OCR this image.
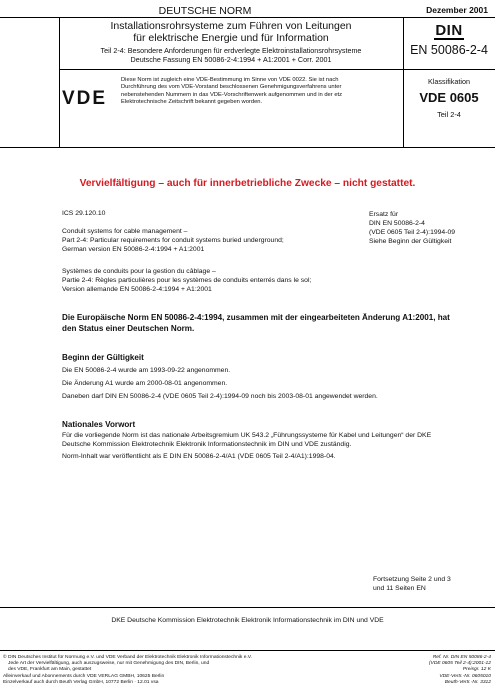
DEUTSCHE NORM	Dezember 2001
Installationsrohrsysteme zum Führen von Leitungen
für elektrische Energie und für Information
Teil 2-4: Besondere Anforderungen für erdverlegte Elektroinstallationsrohrsysteme
Deutsche Fassung EN 50086-2-4:1994 + A1:2001 + Corr. 2001
DIN
EN 50086-2-4
VDE
Diese Norm ist zugleich eine VDE-Bestimmung im Sinne von VDE 0022. Sie ist nach
Durchführung des vom VDE-Vorstand beschlossenen Genehmigungsverfahrens unter
nebenstehenden Nummern in das VDE-Vorschriftenwerk aufgenommen und in der etz
Elektrotechnische Zeitschrift bekannt gegeben worden.
Klassifikation
VDE 0605
Teil 2-4
Vervielfältigung – auch für innerbetriebliche Zwecke – nicht gestattet.
ICS 29.120.10	Ersatz für
DIN EN 50086-2-4
(VDE 0605 Teil 2-4):1994-09
Siehe Beginn der Gültigkeit
Conduit systems for cable management –
Part 2-4: Particular requirements for conduit systems buried underground;
German version EN 50086-2-4:1994 + A1:2001
Systèmes de conduits pour la gestion du câblage –
Partie 2-4: Règles particulières pour les systèmes de conduits enterrés dans le sol;
Version allemande EN 50086-2-4:1994 + A1:2001
Die Europäische Norm EN 50086-2-4:1994, zusammen mit der eingearbeiteten Änderung A1:2001, hat
den Status einer Deutschen Norm.
Beginn der Gültigkeit
Die EN 50086-2-4 wurde am 1993-09-22 angenommen.
Die Änderung A1 wurde am 2000-08-01 angenommen.
Daneben darf DIN EN 50086-2-4 (VDE 0605 Teil 2-4):1994-09 noch bis 2003-08-01 angewendet werden.
Nationales Vorwort
Für die vorliegende Norm ist das nationale Arbeitsgremium UK 543.2 „Führungssysteme für Kabel und Leitungen“ der DKE
Deutsche Kommission Elektrotechnik Elektronik Informationstechnik im DIN und VDE zuständig.
Norm-Inhalt war veröffentlicht als E DIN EN 50086-2-4/A1 (VDE 0605 Teil 2-4/A1):1998-04.
Fortsetzung Seite 2 und 3
und 11 Seiten EN
DKE Deutsche Kommission Elektrotechnik Elektronik Informationstechnik im DIN und VDE
© DIN Deutsches Institut für Normung e.V. und VDE Verband der Elektrotechnik Elektronik Informationstechnik e.V.
Jede Art der Vervielfältigung, auch auszugsweise, nur mit Genehmigung des DIN, Berlin, und
des VDE, Frankfurt am Main, gestattet
Alleinverkauf und Abonnements durch VDE VERLAG GMBH, 10625 Berlin
Einzelverkauf auch durch Beuth Verlag GmbH, 10772 Berlin · 12.01 vsa
Ref. Nr. DIN EN 50086-2-4
(VDE 0605 Teil 2-4):2001-12
Preisgr. 12 K
VDE-Vertr.-Nr. 0605010
Beuth-Vertr.-Nr. 3312
